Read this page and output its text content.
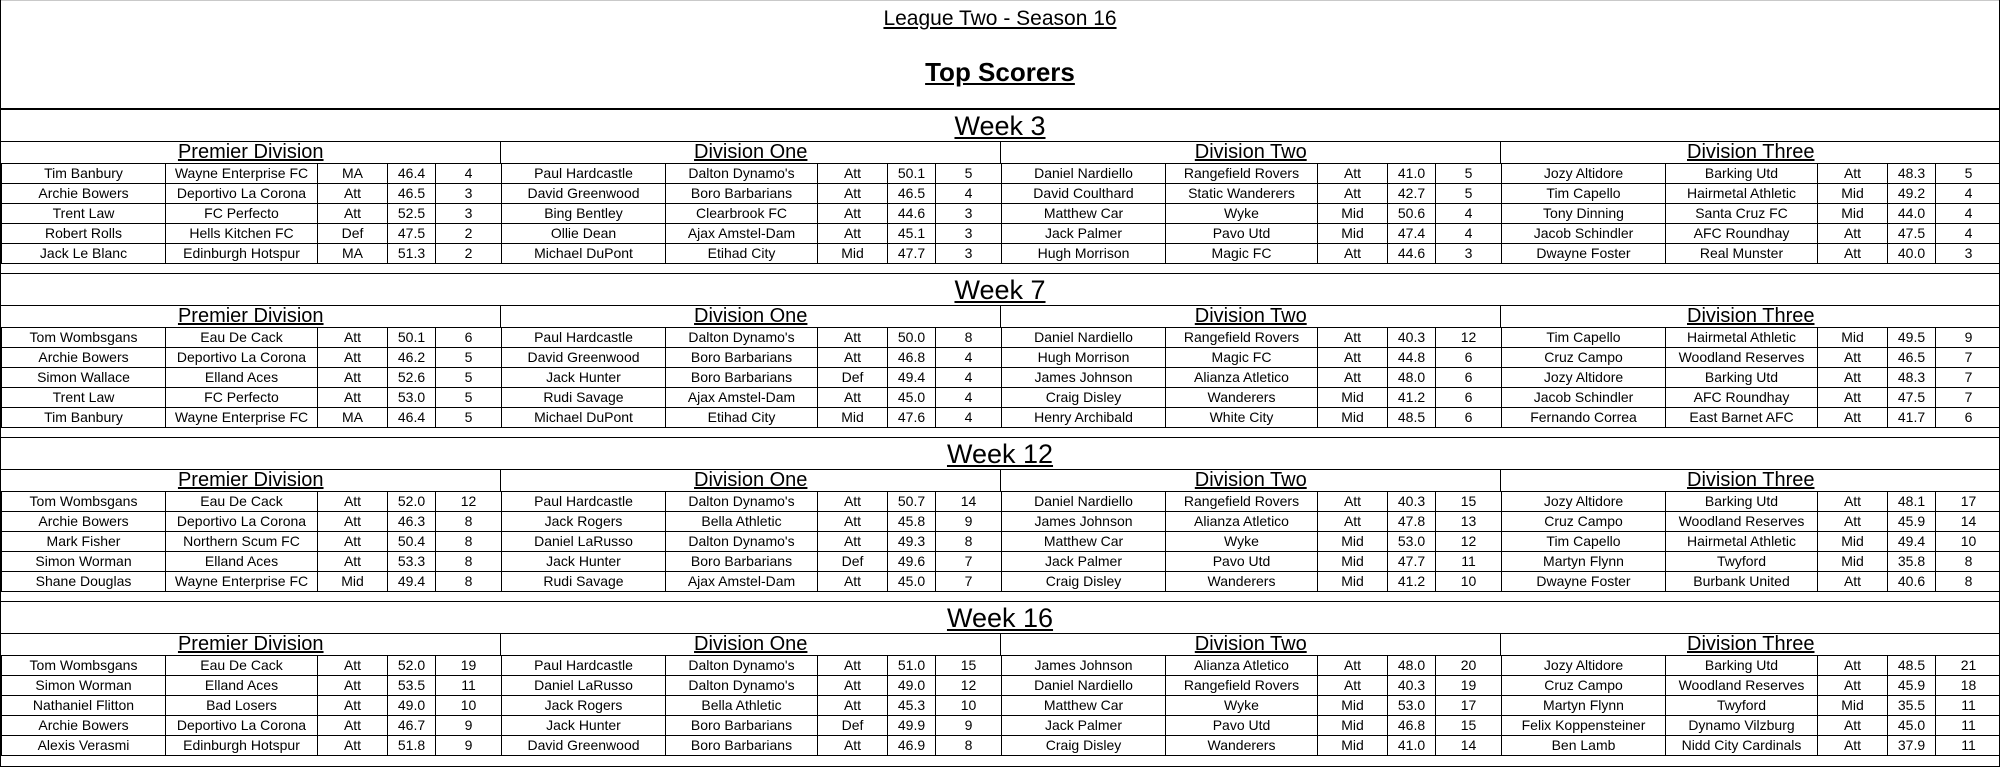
League Two - Season 16
Top Scorers
Week 3
Premier Division	Division One	Division Two	Division Three
Tim Banbury	Wayne Enterprise FC	MA	46.4	4	Paul Hardcastle	Dalton Dynamo's	Att	50.1	5	Daniel Nardiello	Rangefield Rovers	Att	41.0	5	Jozy Altidore	Barking Utd	Att	48.3	5
Archie Bowers	Deportivo La Corona	Att	46.5	3	David Greenwood	Boro Barbarians	Att	46.5	4	David Coulthard	Static Wanderers	Att	42.7	5	Tim Capello	Hairmetal Athletic	Mid	49.2	4
Trent Law	FC Perfecto	Att	52.5	3	Bing Bentley	Clearbrook FC	Att	44.6	3	Matthew Car	Wyke	Mid	50.6	4	Tony Dinning	Santa Cruz FC	Mid	44.0	4
Robert Rolls	Hells Kitchen FC	Def	47.5	2	Ollie Dean	Ajax Amstel-Dam	Att	45.1	3	Jack Palmer	Pavo Utd	Mid	47.4	4	Jacob Schindler	AFC Roundhay	Att	47.5	4
Jack Le Blanc	Edinburgh Hotspur	MA	51.3	2	Michael DuPont	Etihad City	Mid	47.7	3	Hugh Morrison	Magic FC	Att	44.6	3	Dwayne Foster	Real Munster	Att	40.0	3
Week 7
Premier Division	Division One	Division Two	Division Three
Tom Wombsgans	Eau De Cack	Att	50.1	6	Paul Hardcastle	Dalton Dynamo's	Att	50.0	8	Daniel Nardiello	Rangefield Rovers	Att	40.3	12	Tim Capello	Hairmetal Athletic	Mid	49.5	9
Archie Bowers	Deportivo La Corona	Att	46.2	5	David Greenwood	Boro Barbarians	Att	46.8	4	Hugh Morrison	Magic FC	Att	44.8	6	Cruz Campo	Woodland Reserves	Att	46.5	7
Simon Wallace	Elland Aces	Att	52.6	5	Jack Hunter	Boro Barbarians	Def	49.4	4	James Johnson	Alianza Atletico	Att	48.0	6	Jozy Altidore	Barking Utd	Att	48.3	7
Trent Law	FC Perfecto	Att	53.0	5	Rudi Savage	Ajax Amstel-Dam	Att	45.0	4	Craig Disley	Wanderers	Mid	41.2	6	Jacob Schindler	AFC Roundhay	Att	47.5	7
Tim Banbury	Wayne Enterprise FC	MA	46.4	5	Michael DuPont	Etihad City	Mid	47.6	4	Henry Archibald	White City	Mid	48.5	6	Fernando Correa	East Barnet AFC	Att	41.7	6
Week 12
Premier Division	Division One	Division Two	Division Three
Tom Wombsgans	Eau De Cack	Att	52.0	12	Paul Hardcastle	Dalton Dynamo's	Att	50.7	14	Daniel Nardiello	Rangefield Rovers	Att	40.3	15	Jozy Altidore	Barking Utd	Att	48.1	17
Archie Bowers	Deportivo La Corona	Att	46.3	8	Jack Rogers	Bella Athletic	Att	45.8	9	James Johnson	Alianza Atletico	Att	47.8	13	Cruz Campo	Woodland Reserves	Att	45.9	14
Mark Fisher	Northern Scum FC	Att	50.4	8	Daniel LaRusso	Dalton Dynamo's	Att	49.3	8	Matthew Car	Wyke	Mid	53.0	12	Tim Capello	Hairmetal Athletic	Mid	49.4	10
Simon Worman	Elland Aces	Att	53.3	8	Jack Hunter	Boro Barbarians	Def	49.6	7	Jack Palmer	Pavo Utd	Mid	47.7	11	Martyn Flynn	Twyford	Mid	35.8	8
Shane Douglas	Wayne Enterprise FC	Mid	49.4	8	Rudi Savage	Ajax Amstel-Dam	Att	45.0	7	Craig Disley	Wanderers	Mid	41.2	10	Dwayne Foster	Burbank United	Att	40.6	8
Week 16
Premier Division	Division One	Division Two	Division Three
Tom Wombsgans	Eau De Cack	Att	52.0	19	Paul Hardcastle	Dalton Dynamo's	Att	51.0	15	James Johnson	Alianza Atletico	Att	48.0	20	Jozy Altidore	Barking Utd	Att	48.5	21
Simon Worman	Elland Aces	Att	53.5	11	Daniel LaRusso	Dalton Dynamo's	Att	49.0	12	Daniel Nardiello	Rangefield Rovers	Att	40.3	19	Cruz Campo	Woodland Reserves	Att	45.9	18
Nathaniel Flitton	Bad Losers	Att	49.0	10	Jack Rogers	Bella Athletic	Att	45.3	10	Matthew Car	Wyke	Mid	53.0	17	Martyn Flynn	Twyford	Mid	35.5	11
Archie Bowers	Deportivo La Corona	Att	46.7	9	Jack Hunter	Boro Barbarians	Def	49.9	9	Jack Palmer	Pavo Utd	Mid	46.8	15	Felix Koppensteiner	Dynamo Vilzburg	Att	45.0	11
Alexis Verasmi	Edinburgh Hotspur	Att	51.8	9	David Greenwood	Boro Barbarians	Att	46.9	8	Craig Disley	Wanderers	Mid	41.0	14	Ben Lamb	Nidd City Cardinals	Att	37.9	11
